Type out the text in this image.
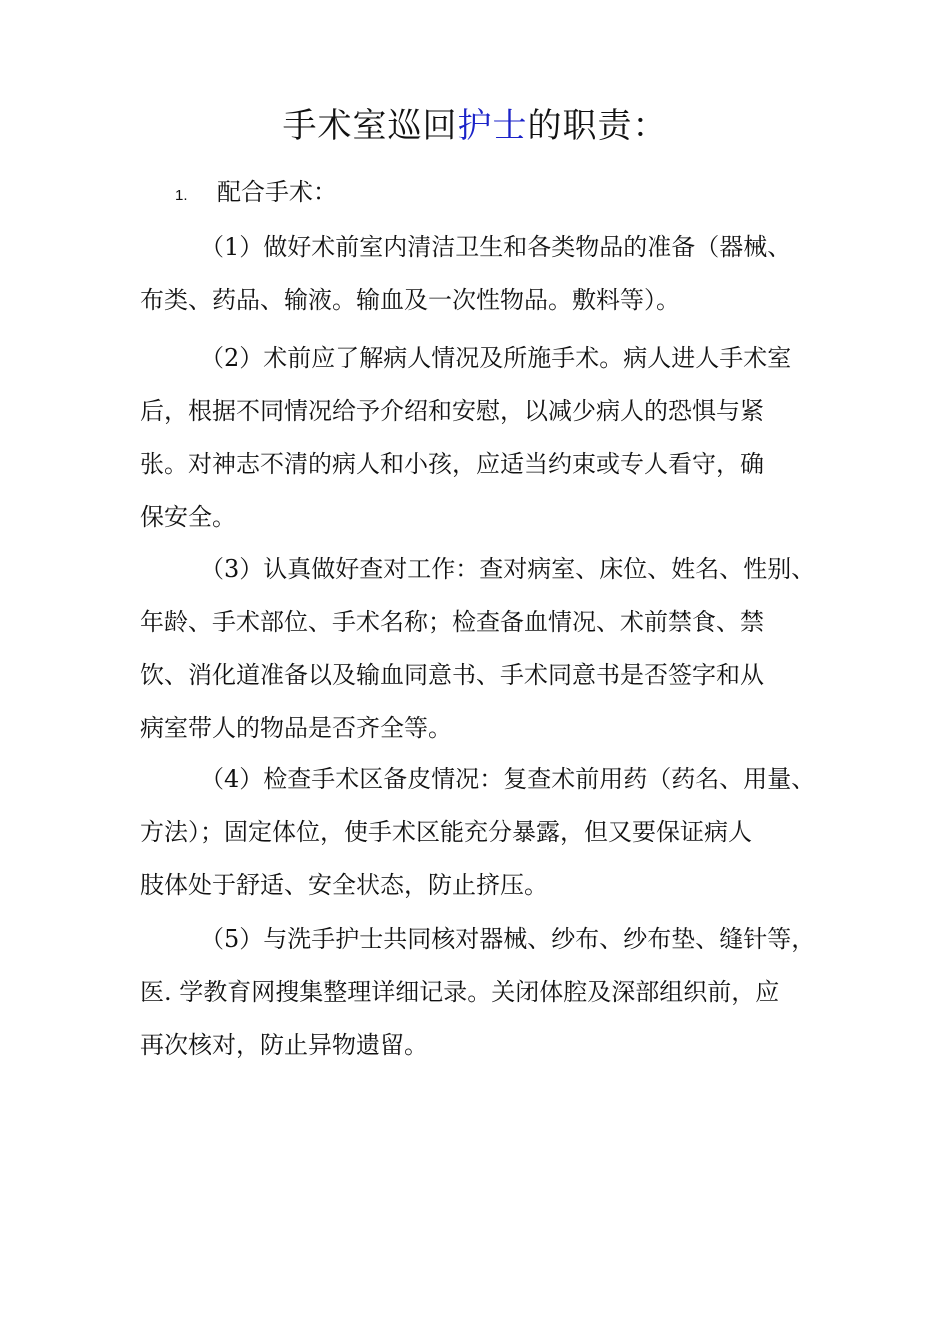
手术室巡回护士的职责：
1. 配合手术：

（1）做好术前室内清洁卫生和各类物品的准备（器械、
布类、药品、输液。输血及一次性物品。敷料等）。

（2）术前应了解病人情况及所施手术。病人进人手术室
后，根据不同情况给予介绍和安慰，以减少病人的恐惧与紧
张。对神志不清的病人和小孩，应适当约束或专人看守，确
保安全。

（3）认真做好查对工作：查对病室、床位、姓名、性别、
年龄、手术部位、手术名称；检查备血情况、术前禁食、禁
饮、消化道准备以及输血同意书、手术同意书是否签字和从
病室带人的物品是否齐全等。

（4）检查手术区备皮情况：复查术前用药（药名、用量、
方法）；固定体位，使手术区能充分暴露，但又要保证病人
肢体处于舒适、安全状态，防止挤压。

（5）与洗手护士共同核对器械、纱布、纱布垫、缝针等，
医. 学教育网搜集整理详细记录。关闭体腔及深部组织前，应
再次核对，防止异物遗留。
